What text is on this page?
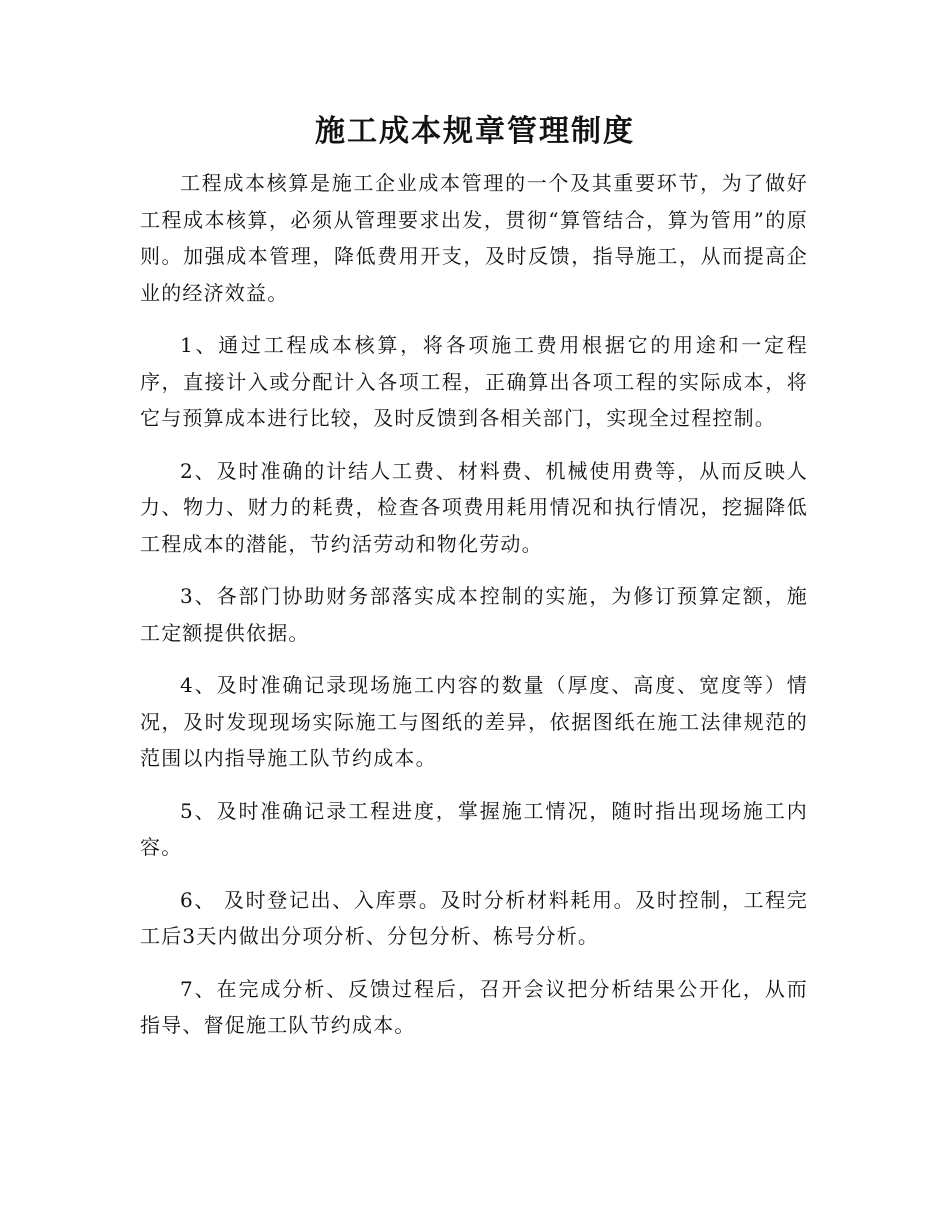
施工成本规章管理制度

工程成本核算是施工企业成本管理的一个及其重要环节，为了做好工程成本核算，必须从管理要求出发，贯彻“算管结合，算为管用”的原则。加强成本管理，降低费用开支，及时反馈，指导施工，从而提高企业的经济效益。

1、通过工程成本核算，将各项施工费用根据它的用途和一定程序，直接计入或分配计入各项工程，正确算出各项工程的实际成本，将它与预算成本进行比较，及时反馈到各相关部门，实现全过程控制。

2、及时准确的计结人工费、材料费、机械使用费等，从而反映人力、物力、财力的耗费，检查各项费用耗用情况和执行情况，挖掘降低工程成本的潜能，节约活劳动和物化劳动。

3、各部门协助财务部落实成本控制的实施，为修订预算定额，施工定额提供依据。

4、及时准确记录现场施工内容的数量（厚度、高度、宽度等）情况，及时发现现场实际施工与图纸的差异，依据图纸在施工法律规范的范围以内指导施工队节约成本。

5、及时准确记录工程进度，掌握施工情况，随时指出现场施工内容。

6、 及时登记出、入库票。及时分析材料耗用。及时控制，工程完工后3天内做出分项分析、分包分析、栋号分析。

7、在完成分析、反馈过程后，召开会议把分析结果公开化，从而指导、督促施工队节约成本。
